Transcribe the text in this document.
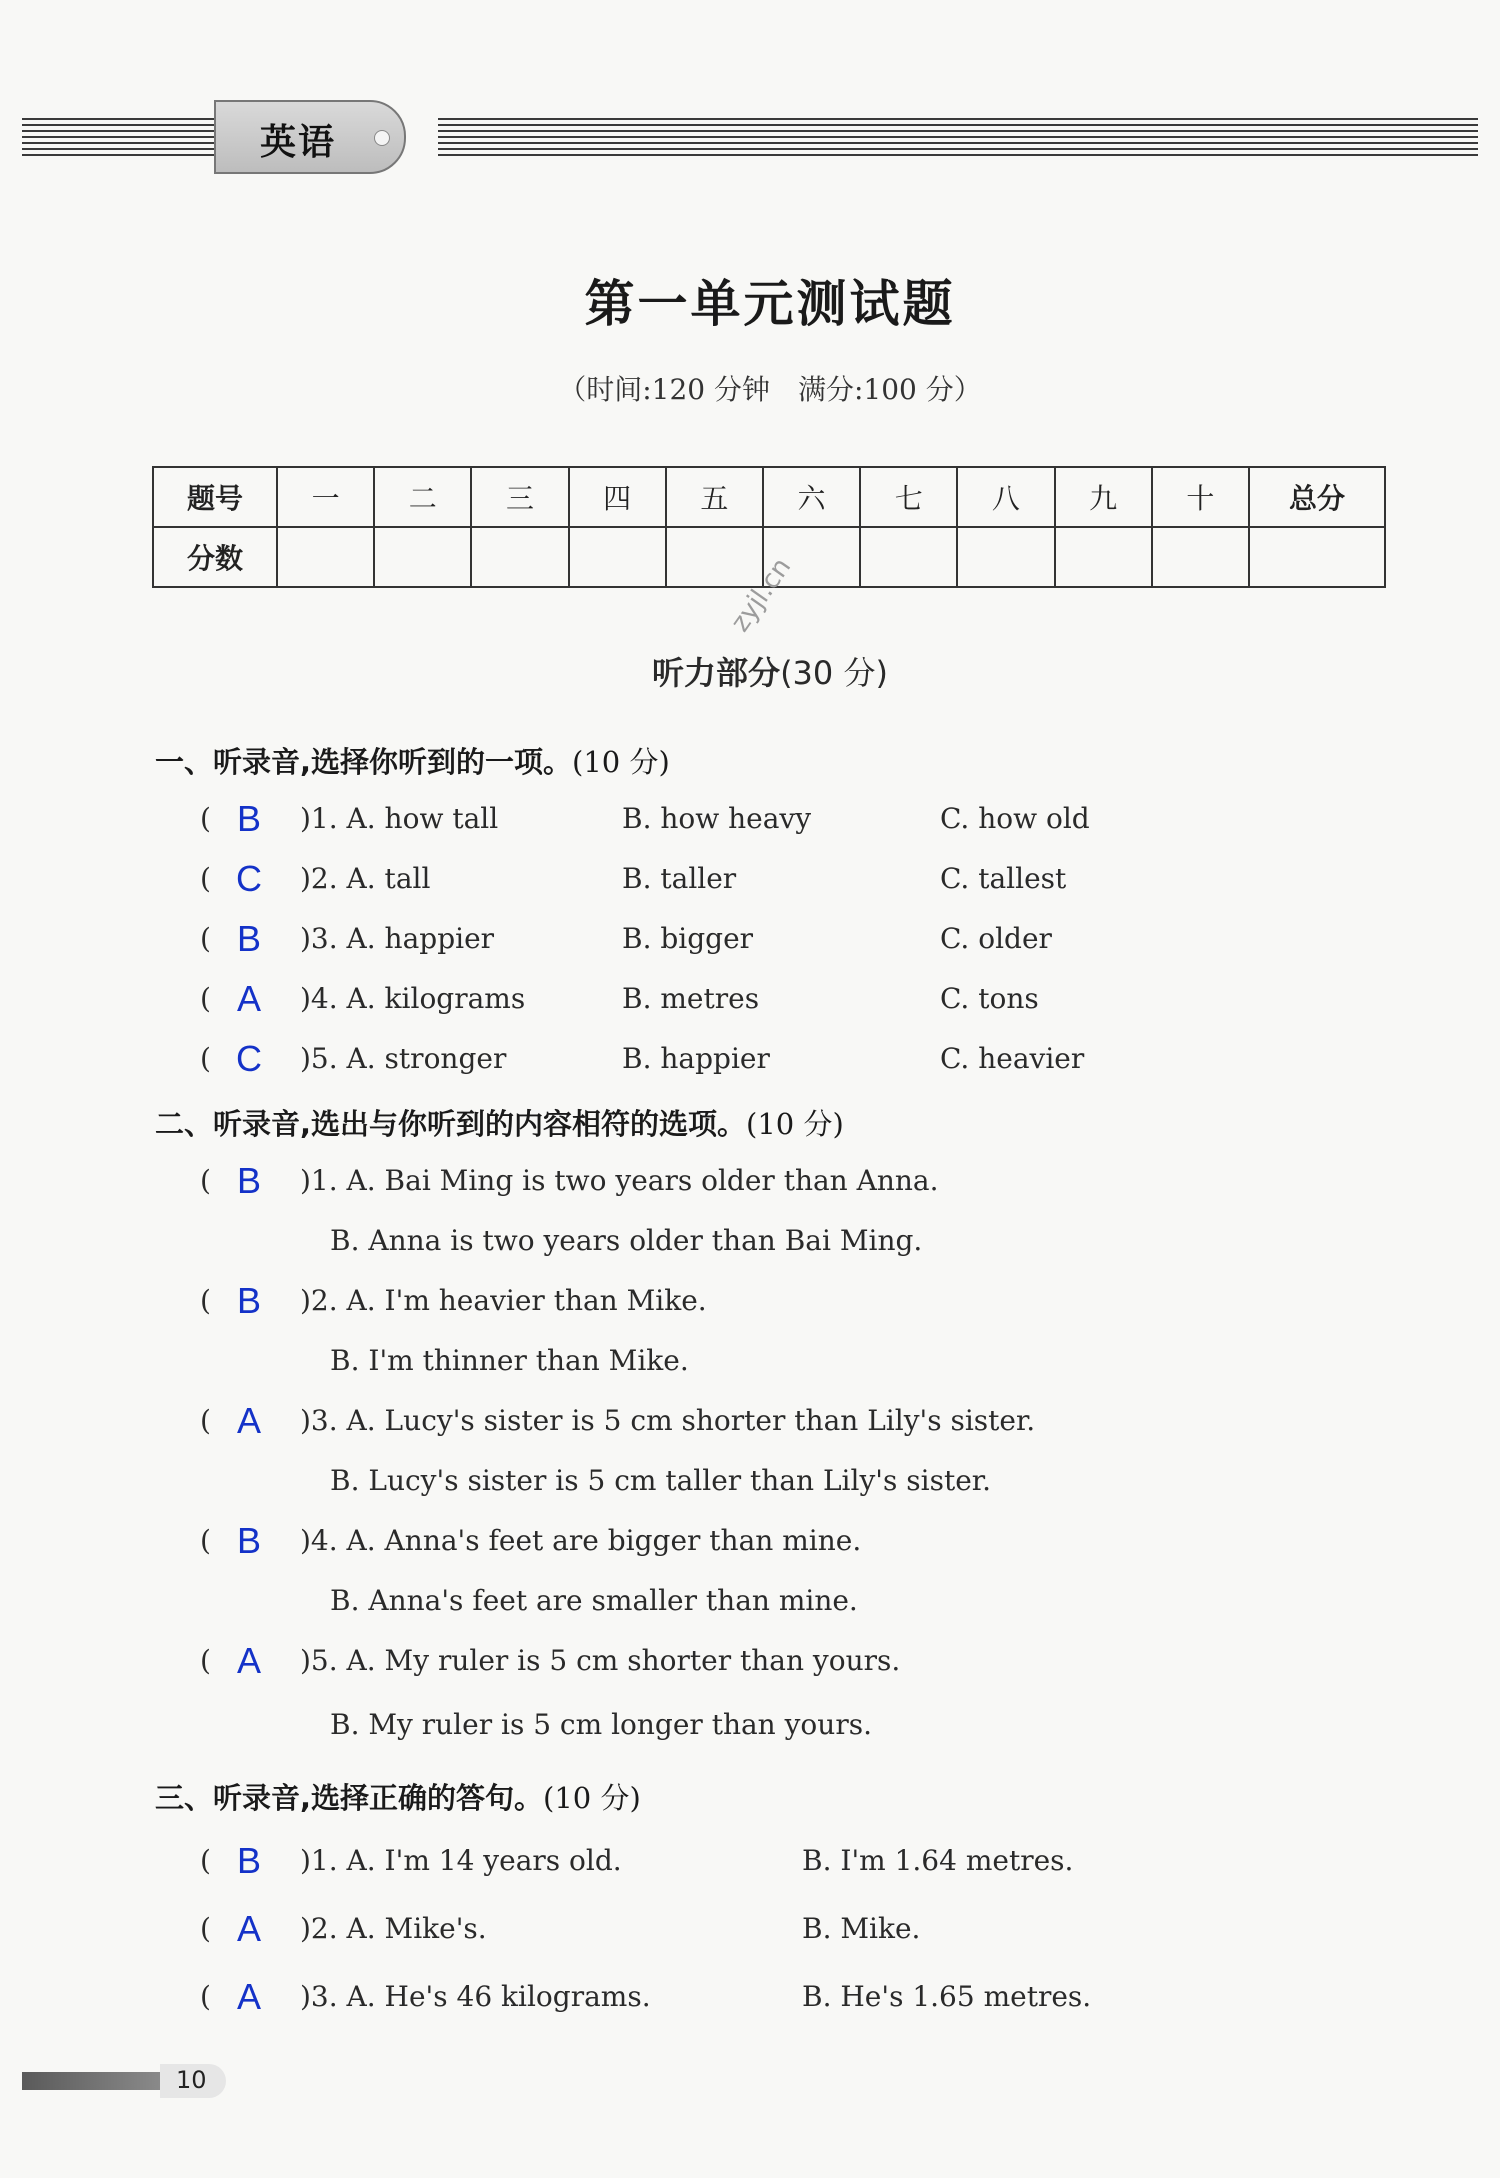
英语
第一单元测试题
（时间:120 分钟　满分:100 分）
题号	一	二	三	四	五	六	七	八	九	十	总分
分数												zyjl.cn
听力部分(30 分)
一、听录音,选择你听到的一项。(10 分)
( B )1. A. how tall	B. how heavy	C. how old
( C )2. A. tall	B. taller	C. tallest
( B )3. A. happier	B. bigger	C. older
( A )4. A. kilograms	B. metres	C. tons
( C )5. A. stronger	B. happier	C. heavier
二、听录音,选出与你听到的内容相符的选项。(10 分)
( B )1. A. Bai Ming is two years older than Anna.
B. Anna is two years older than Bai Ming.
( B )2. A. I'm heavier than Mike.
B. I'm thinner than Mike.
( A )3. A. Lucy's sister is 5 cm shorter than Lily's sister.
B. Lucy's sister is 5 cm taller than Lily's sister.
( B )4. A. Anna's feet are bigger than mine.
B. Anna's feet are smaller than mine.
( A )5. A. My ruler is 5 cm shorter than yours.
B. My ruler is 5 cm longer than yours.
三、听录音,选择正确的答句。(10 分)
( B )1. A. I'm 14 years old.	B. I'm 1.64 metres.
( A )2. A. Mike's.	B. Mike.
( A )3. A. He's 46 kilograms.	B. He's 1.65 metres.
10
